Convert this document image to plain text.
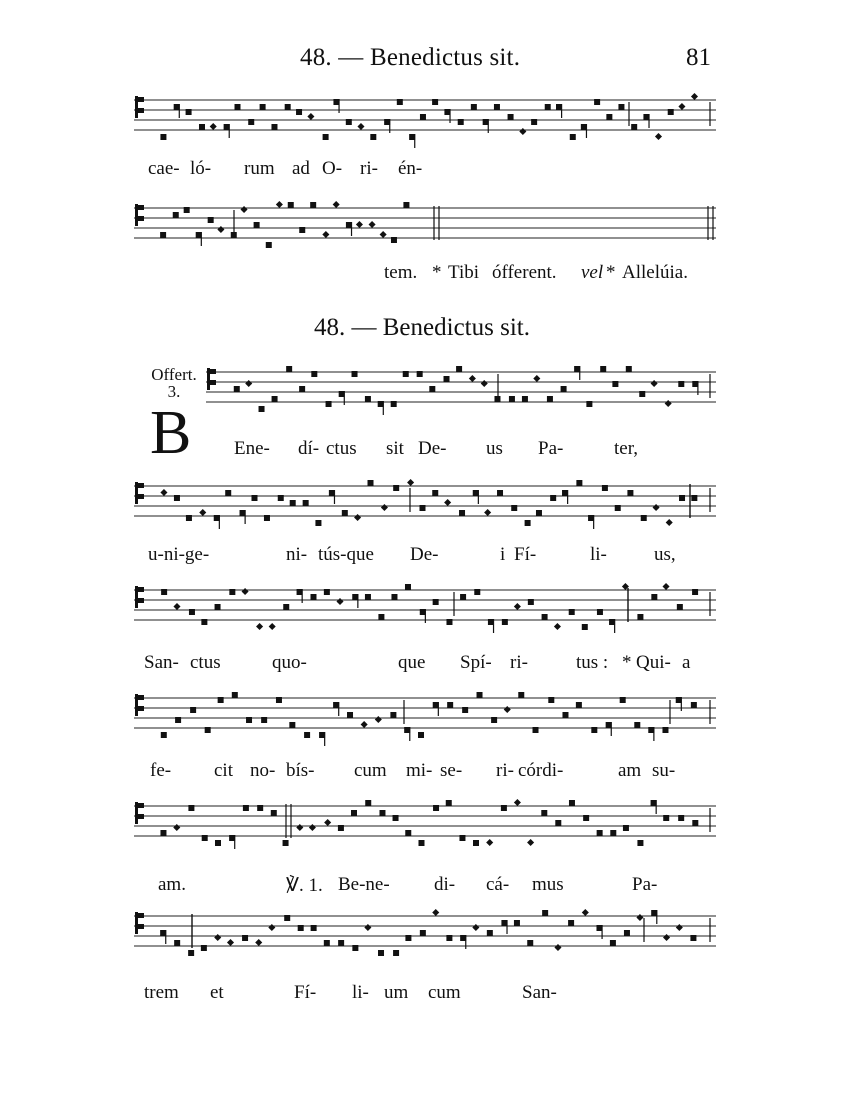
48. — Benedictus sit.	81
cae- ló- rum ad O- ri- én-
tem. * Tibi ófferent. vel * Allelúia.
48. — Benedictus sit.
Offert.
3.
B Ene- dí- ctus sit De- us Pa-	ter,
u-ni-ge-	ni- tús-que De-	i Fí-	li- us,
San- ctus	quo-	que Spí- ri-	tus : * Qui- a
fe- cit no- bís- cum mi- se- ri- córdi-	am su-
am.	℣. 1. Be-ne- di- cá- mus	Pa-
trem et	Fí- li- um cum	San-
